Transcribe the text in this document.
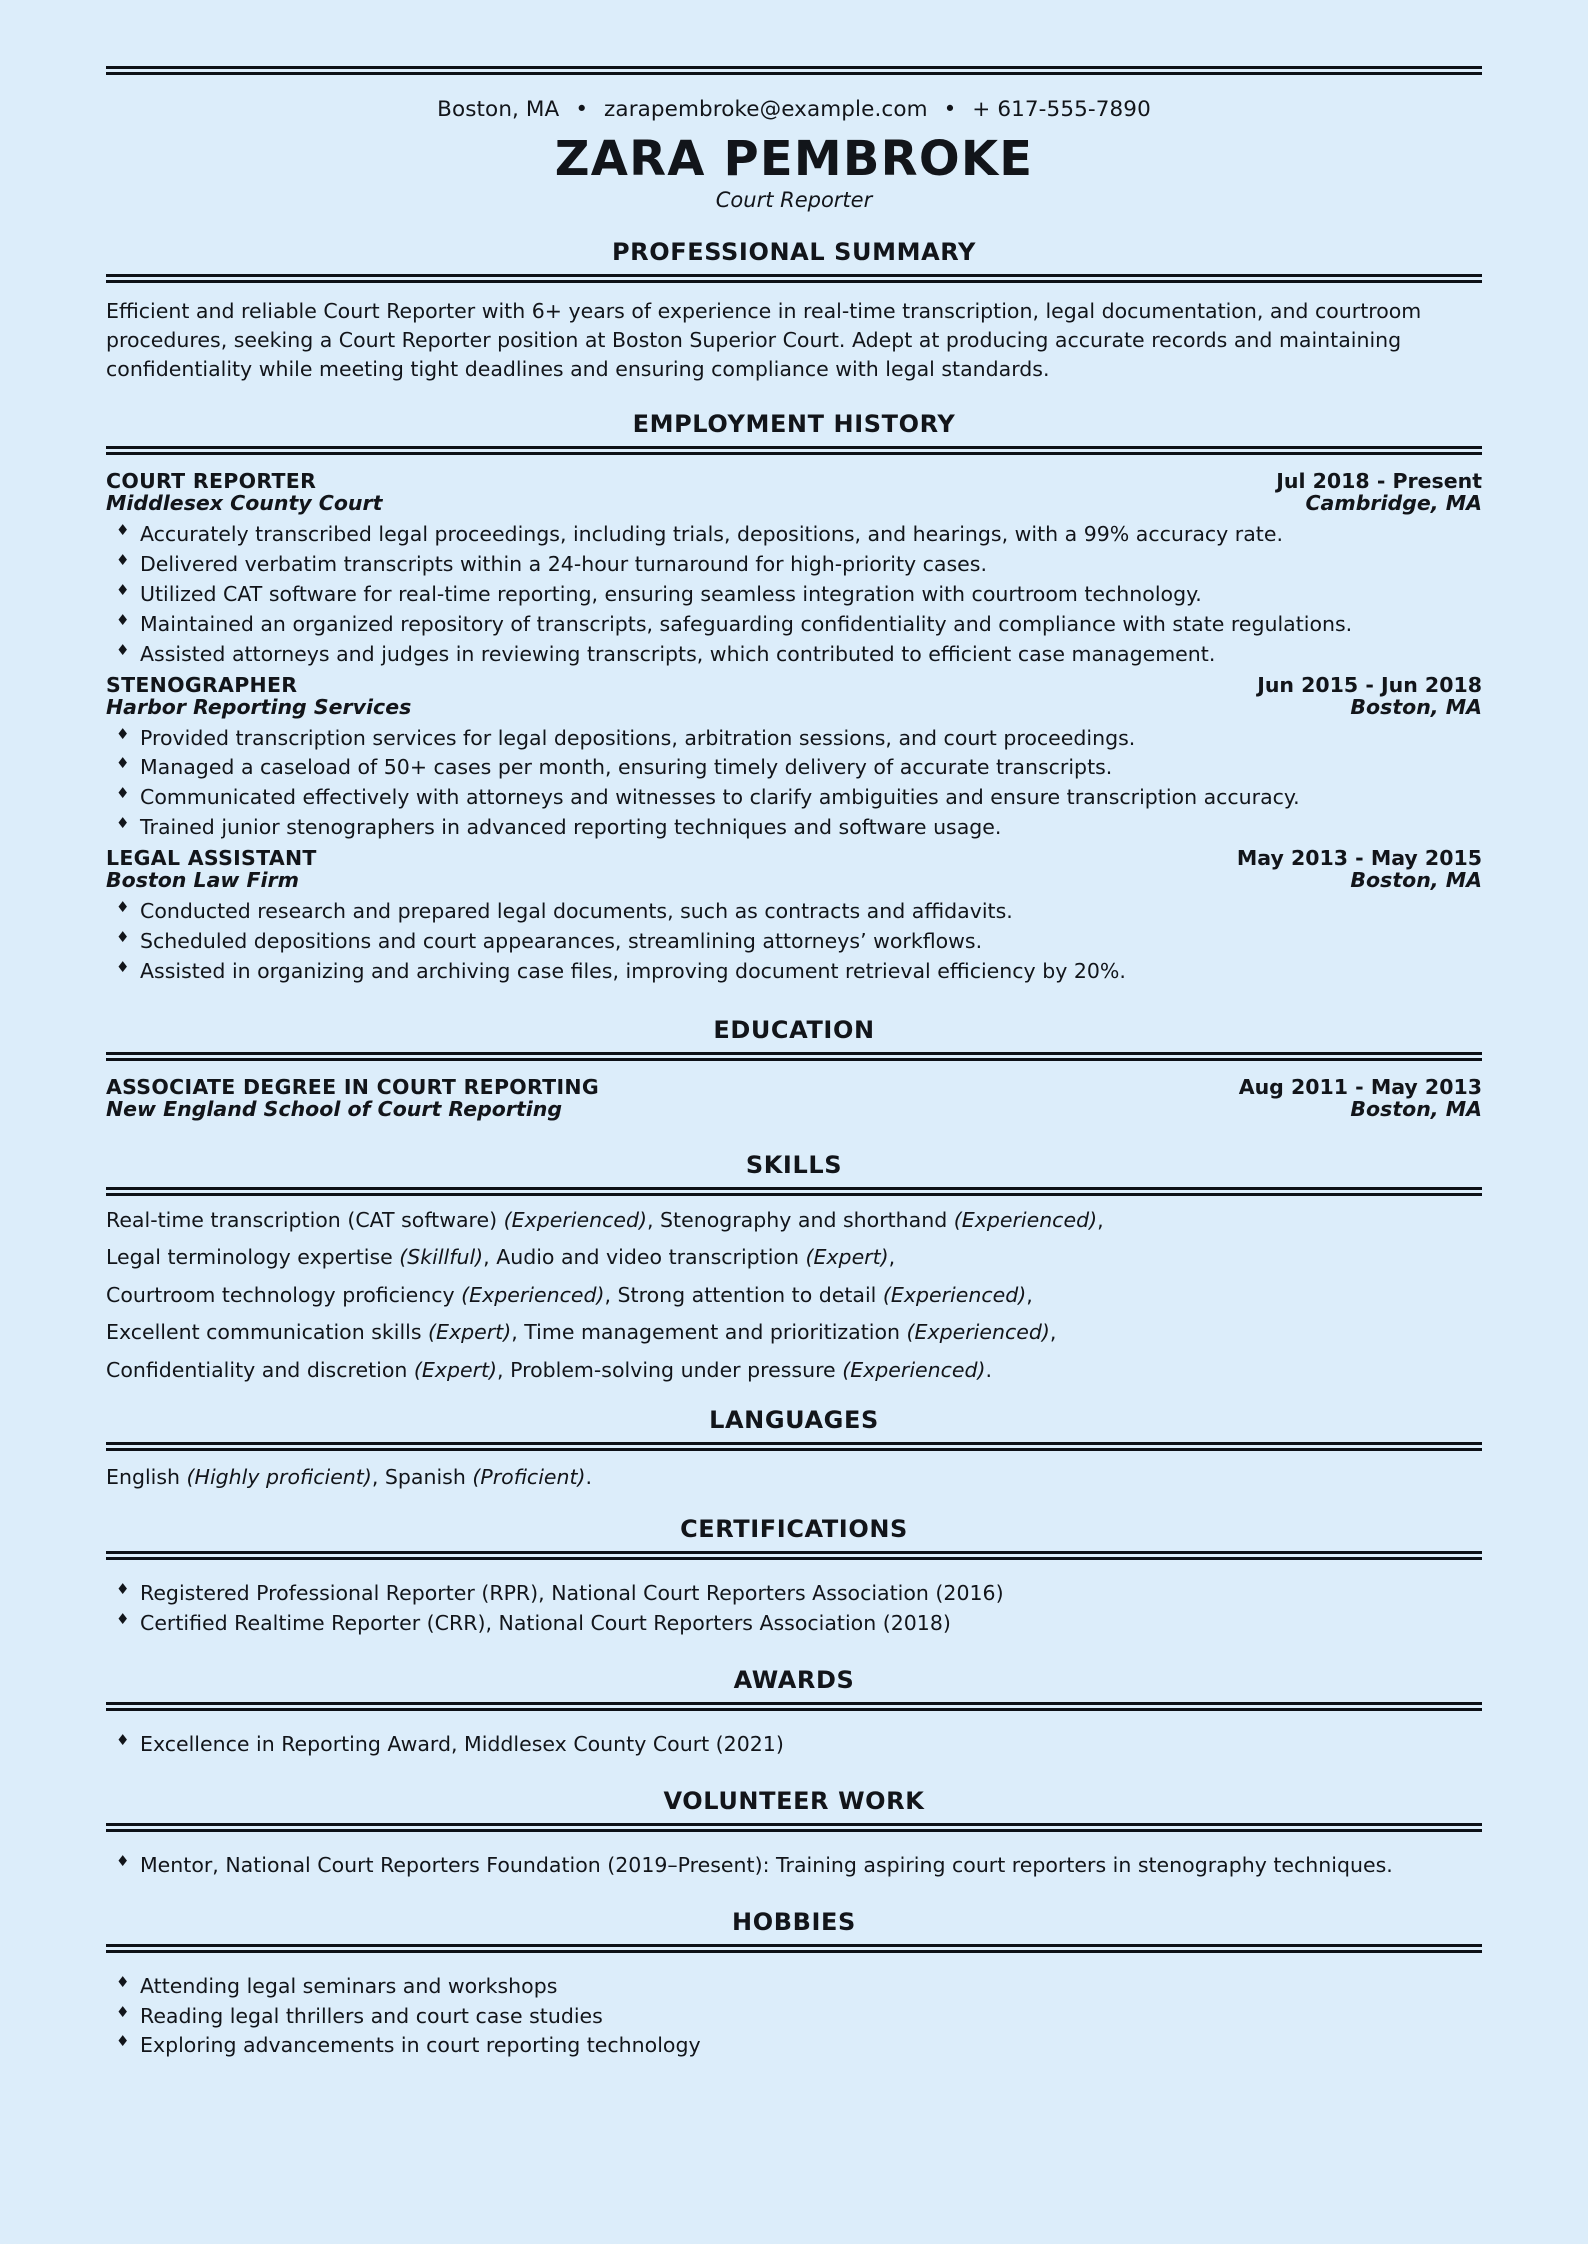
Boston, MA • zarapembroke@example.com • + 617-555-7890
ZARA PEMBROKE
Court Reporter
PROFESSIONAL SUMMARY

Efficient and reliable Court Reporter with 6+ years of experience in real-time transcription, legal documentation, and courtroom procedures, seeking a Court Reporter position at Boston Superior Court. Adept at producing accurate records and maintaining confidentiality while meeting tight deadlines and ensuring compliance with legal standards.

EMPLOYMENT HISTORY
COURT REPORTER	Jul 2018 - Present
Middlesex County Court	Cambridge, MA
♦ Accurately transcribed legal proceedings, including trials, depositions, and hearings, with a 99% accuracy rate.
♦ Delivered verbatim transcripts within a 24-hour turnaround for high-priority cases.
♦ Utilized CAT software for real-time reporting, ensuring seamless integration with courtroom technology.
♦ Maintained an organized repository of transcripts, safeguarding confidentiality and compliance with state regulations.
♦ Assisted attorneys and judges in reviewing transcripts, which contributed to efficient case management.
STENOGRAPHER	Jun 2015 - Jun 2018
Harbor Reporting Services	Boston, MA
♦ Provided transcription services for legal depositions, arbitration sessions, and court proceedings.
♦ Managed a caseload of 50+ cases per month, ensuring timely delivery of accurate transcripts.
♦ Communicated effectively with attorneys and witnesses to clarify ambiguities and ensure transcription accuracy.
♦ Trained junior stenographers in advanced reporting techniques and software usage.
LEGAL ASSISTANT	May 2013 - May 2015
Boston Law Firm	Boston, MA
♦ Conducted research and prepared legal documents, such as contracts and affidavits.
♦ Scheduled depositions and court appearances, streamlining attorneys’ workflows.
♦ Assisted in organizing and archiving case files, improving document retrieval efficiency by 20%.
EDUCATION
ASSOCIATE DEGREE IN COURT REPORTING	Aug 2011 - May 2013
New England School of Court Reporting	Boston, MA
SKILLS

Real-time transcription (CAT software) (Experienced), Stenography and shorthand (Experienced),

Legal terminology expertise (Skillful), Audio and video transcription (Expert),

Courtroom technology proficiency (Experienced), Strong attention to detail (Experienced),

Excellent communication skills (Expert), Time management and prioritization (Experienced),

Confidentiality and discretion (Expert), Problem-solving under pressure (Experienced).

LANGUAGES

English (Highly proficient), Spanish (Proficient).

CERTIFICATIONS
♦ Registered Professional Reporter (RPR), National Court Reporters Association (2016)
♦ Certified Realtime Reporter (CRR), National Court Reporters Association (2018)
AWARDS
♦ Excellence in Reporting Award, Middlesex County Court (2021)
VOLUNTEER WORK
♦ Mentor, National Court Reporters Foundation (2019–Present): Training aspiring court reporters in stenography techniques.
HOBBIES
♦ Attending legal seminars and workshops
♦ Reading legal thrillers and court case studies
♦ Exploring advancements in court reporting technology
